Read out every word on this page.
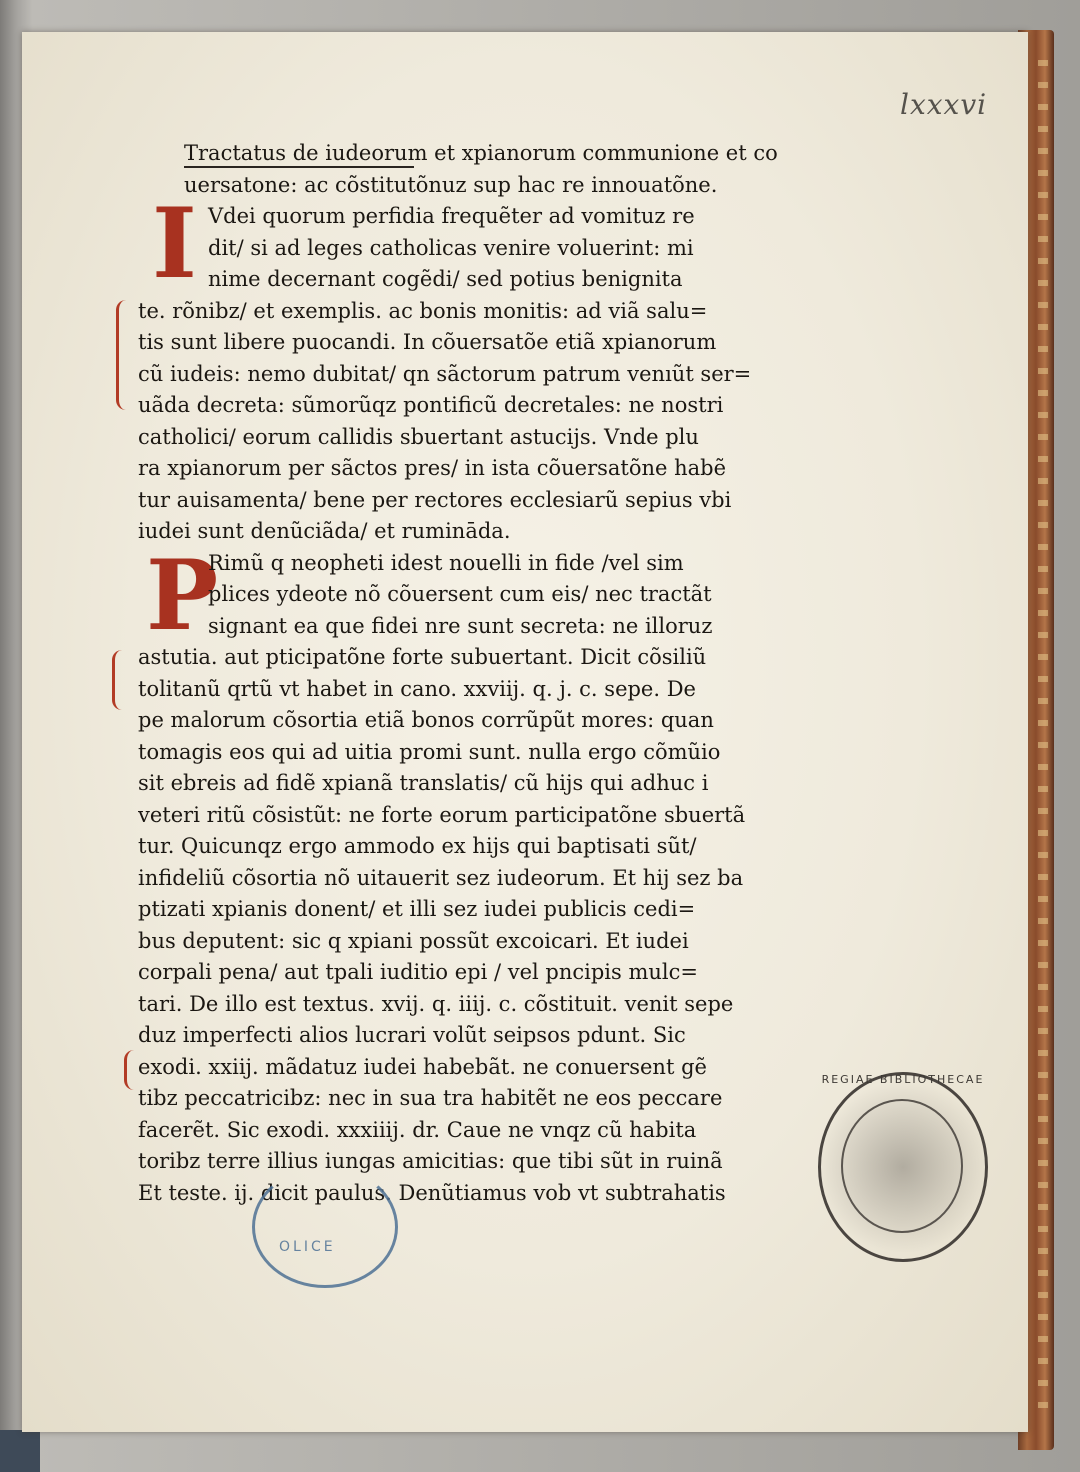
lxxxvi
I
P
Tractatus de iudeorum et xpianorum communione et co
uersatone: ac cõstitutõnuz sup hac re innouatõne.
Vdei quorum perfidia frequẽter ad vomituz re
dit/ si ad leges catholicas venire voluerint: mi
nime decernant cogẽdi/ sed potius benignita
te. rõnibz/ et exemplis. ac bonis monitis: ad viã salu=
tis sunt libere puocandi. In cõuersatõe etiã xpianorum
cũ iudeis: nemo dubitat/ qn sãctorum patrum venıũt ser=
uãda decreta: sũmorũqz pontificũ decretales: ne nostri
catholici/ eorum callidis sbuertant astucijs. Vnde plu
ra xpianorum per sãctos pres/ in ista cõuersatõne habẽ
tur auisamenta/ bene per rectores ecclesiarũ sepius vbi
iudei sunt denũciãda/ et rumināda.
Rimũ q neopheti idest nouelli in fide /vel sim
plices ydeote nõ cõuersent cum eis/ nec tractãt
signant ea que fidei nre sunt secreta: ne illoruz
astutia. aut pticipatõne forte subuertant. Dicit cõsiliũ
tolitanũ qrtũ vt habet in cano. xxviij. q. j. c. sepe. De
pe malorum cõsortia etiã bonos corrũpũt mores: quan
tomagis eos qui ad uitia promi sunt. nulla ergo cõmũio
sit ebreis ad fidẽ xpianã translatis/ cũ hijs qui adhuc i
veteri ritũ cõsistũt: ne forte eorum participatõne sbuertã
tur. Quicunqz ergo ammodo ex hijs qui baptisati sũt/
infideliũ cõsortia nõ uitauerit sez iudeorum. Et hij sez ba
ptizati xpianis donent/ et illi sez iudei publicis cedi=
bus deputent: sic q xpiani possũt excoicari. Et iudei
corpali pena/ aut tpali iuditio epi / vel pncipis mulc=
tari. De illo est textus. xvij. q. iiij. c. cõstituit. venit sepe
duz imperfecti alios lucrari volũt seipsos pdunt. Sic
exodi. xxiij. mãdatuz iudei habebãt. ne conuersent gẽ
tibz peccatricibz: nec in sua tra habitẽt ne eos peccare
facerẽt. Sic exodi. xxxiiij. dr. Caue ne vnqz cũ habita
toribz terre illius iungas amicitias: que tibi sũt in ruinã
Et teste. ij. dicit paulus. Denũtiamus vob vt subtrahatis
REGIAE BIBLIOTHECAE
OLICE
